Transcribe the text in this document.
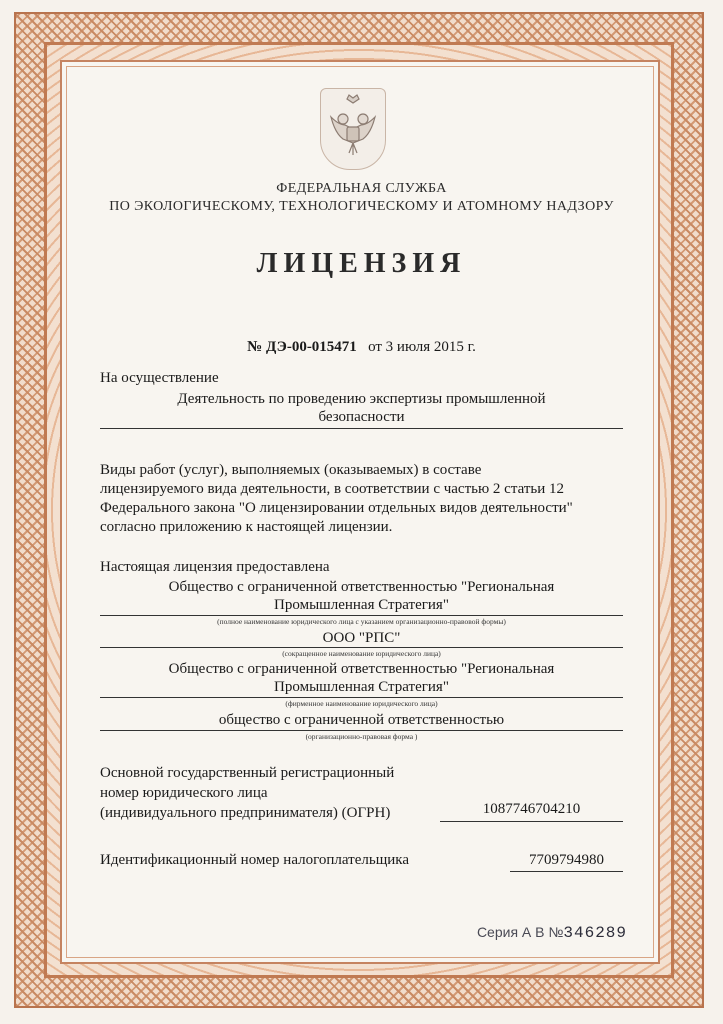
ФЕДЕРАЛЬНАЯ СЛУЖБА
ПО ЭКОЛОГИЧЕСКОМУ, ТЕХНОЛОГИЧЕСКОМУ И АТОМНОМУ НАДЗОРУ
ЛИЦЕНЗИЯ
№ ДЭ-00-015471 от 3 июля 2015 г.
На осуществление
Деятельность по проведению экспертизы промышленной
безопасности
Виды работ (услуг), выполняемых (оказываемых) в составе
лицензируемого вида деятельности, в соответствии с частью 2 статьи 12
Федерального закона "О лицензировании отдельных видов деятельности"
согласно приложению к настоящей лицензии.
Настоящая лицензия предоставлена
Общество с ограниченной ответственностью "Региональная
Промышленная Стратегия"
(полное наименование юридического лица с указанием организационно-правовой формы)
ООО "РПС"
(сокращенное наименование юридического лица)
Общество с ограниченной ответственностью "Региональная
Промышленная Стратегия"
(фирменное наименование юридического лица)
общество с ограниченной ответственностью
(организационно-правовая форма )
Основной государственный регистрационный
номер юридического лица
(индивидуального предпринимателя) (ОГРН)	1087746704210
Идентификационный номер налогоплательщика	7709794980
Серия А В №346289
